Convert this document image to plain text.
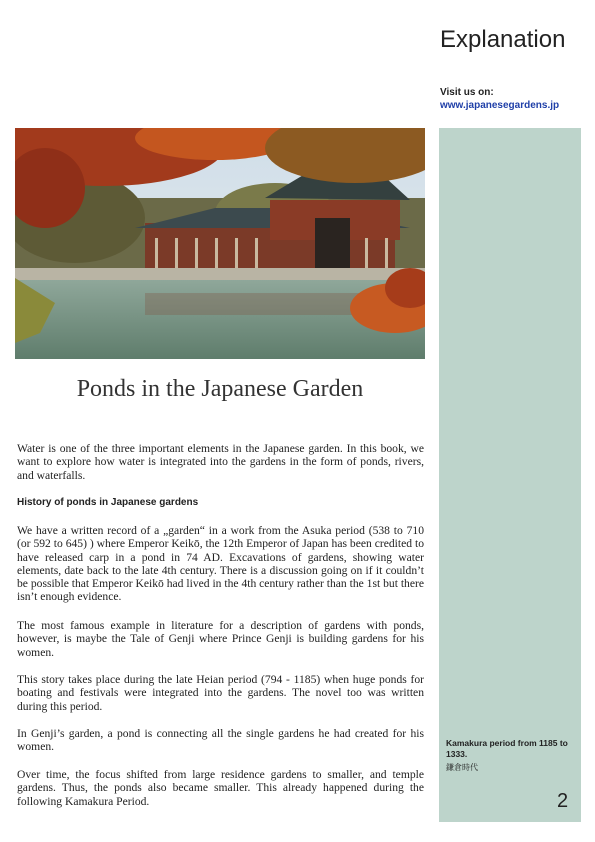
Explanation
Visit us on:
www.japanesegardens.jp
Ponds in the Japanese Garden

Water is one of the three important elements in the Japanese garden. In this book, we want to explore how water is integrated into the gardens in the form of ponds, rivers, and waterfalls.

History of ponds in Japanese gardens

We have a written record of a „garden“ in a work from the Asuka period (538 to 710 (or 592 to 645) ) where Emperor Keikō, the 12th Emperor of Japan has been credited to have released carp in a pond in 74 AD. Excavations of gardens, showing water elements, date back to the late 4th century. There is a discussion going on if it couldn’t be possible that Emperor Keikō had lived in the 4th century rather than the 1st but there isn’t enough evidence.

The most famous example in literature for a description of gardens with ponds, however, is maybe the Tale of Genji where Prince Genji is building gardens for his women.

This story takes place during the late Heian period (794 - 1185) when huge ponds for boating and festivals were integrated into the gardens. The novel too was written during this period.

In Genji’s garden, a pond is connecting all the single gardens he had created for his women.

Over time, the focus shifted from large residence gardens to smaller, and temple gardens. Thus, the ponds also became smaller. This already happened during the following Kamakura Period.

Kamakura period from 1185 to 1333.
鎌倉時代
2
